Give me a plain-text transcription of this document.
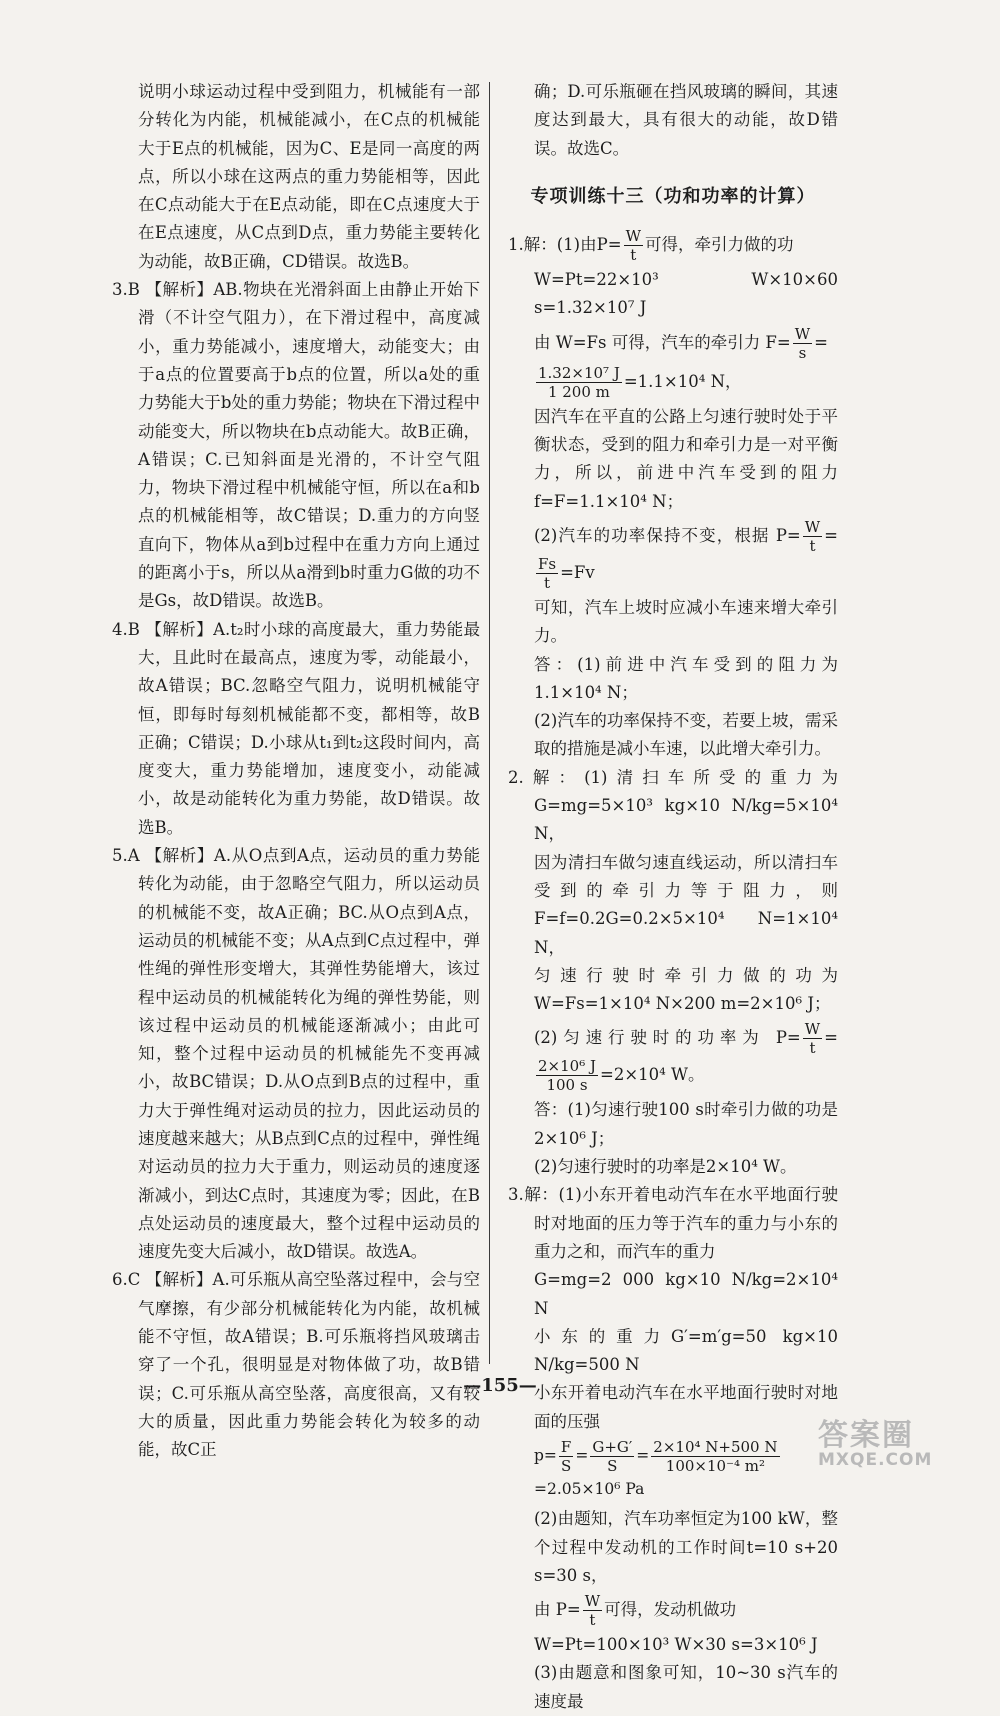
说明小球运动过程中受到阻力，机械能有一部分转化为内能，机械能减小，在C点的机械能大于E点的机械能，因为C、E是同一高度的两点，所以小球在这两点的重力势能相等，因此在C点动能大于在E点动能，即在C点速度大于在E点速度，从C点到D点，重力势能主要转化为动能，故B正确，CD错误。故选B。

3.B 【解析】AB.物块在光滑斜面上由静止开始下滑（不计空气阻力），在下滑过程中，高度减小，重力势能减小，速度增大，动能变大；由于a点的位置要高于b点的位置，所以a处的重力势能大于b处的重力势能；物块在下滑过程中动能变大，所以物块在b点动能大。故B正确，A错误；C.已知斜面是光滑的，不计空气阻力，物块下滑过程中机械能守恒，所以在a和b点的机械能相等，故C错误；D.重力的方向竖直向下，物体从a到b过程中在重力方向上通过的距离小于s，所以从a滑到b时重力G做的功不是Gs，故D错误。故选B。

4.B 【解析】A.t₂时小球的高度最大，重力势能最大，且此时在最高点，速度为零，动能最小，故A错误；BC.忽略空气阻力，说明机械能守恒，即每时每刻机械能都不变，都相等，故B正确；C错误；D.小球从t₁到t₂这段时间内，高度变大，重力势能增加，速度变小，动能减小，故是动能转化为重力势能，故D错误。故选B。

5.A 【解析】A.从O点到A点，运动员的重力势能转化为动能，由于忽略空气阻力，所以运动员的机械能不变，故A正确；BC.从O点到A点，运动员的机械能不变；从A点到C点过程中，弹性绳的弹性形变增大，其弹性势能增大，该过程中运动员的机械能转化为绳的弹性势能，则该过程中运动员的机械能逐渐减小；由此可知，整个过程中运动员的机械能先不变再减小，故BC错误；D.从O点到B点的过程中，重力大于弹性绳对运动员的拉力，因此运动员的速度越来越大；从B点到C点的过程中，弹性绳对运动员的拉力大于重力，则运动员的速度逐渐减小，到达C点时，其速度为零；因此，在B点处运动员的速度最大，整个过程中运动员的速度先变大后减小，故D错误。故选A。

6.C 【解析】A.可乐瓶从高空坠落过程中，会与空气摩擦，有少部分机械能转化为内能，故机械能不守恒，故A错误；B.可乐瓶将挡风玻璃击穿了一个孔，很明显是对物体做了功，故B错误；C.可乐瓶从高空坠落，高度很高，又有较大的质量，因此重力势能会转化为较多的动能，故C正

确；D.可乐瓶砸在挡风玻璃的瞬间，其速度达到最大，具有很大的动能，故D错误。故选C。

专项训练十三（功和功率的计算）

1.解：(1)由$P= \frac{W}{t}$ 可得，牵引力做的功

W=Pt=22×10³ W×10×60 s=1.32×10⁷ J

由 W=Fs 可得，汽车的牵引力 $F= \frac{W}{s}$ =

$\frac{\text{1.32×10⁷ J}}{1 200 m} =1.1\times 10^4$ N，

因汽车在平直的公路上匀速行驶时处于平衡状态，受到的阻力和牵引力是一对平衡力，所以，前进中汽车受到的阻力f=F=1.1×10⁴ N；

(2)汽车的功率保持不变，根据 $P= \frac{W}{t}$ =
$\frac{Fs}{t} =Fv$

可知，汽车上坡时应减小车速来增大牵引力。

答：(1)前进中汽车受到的阻力为1.1×10⁴ N；

(2)汽车的功率保持不变，若要上坡，需采取的措施是减小车速，以此增大牵引力。

2.解：(1)清扫车所受的重力为G=mg=5×10³ kg×10 N/kg=5×10⁴ N，

因为清扫车做匀速直线运动，所以清扫车受到的牵引力等于阻力，则F=f=0.2G=0.2×5×10⁴ N=1×10⁴ N，

匀速行驶时牵引力做的功为W=Fs=1×10⁴ N×200 m=2×10⁶ J；

(2)匀速行驶时的功率为 $P= \frac{W}{t}$ =
$\frac{\text{2×10⁶ J}}{100 s} =2\times 10^4$ W。

答：(1)匀速行驶100 s时牵引力做的功是2×10⁶ J；

(2)匀速行驶时的功率是2×10⁴ W。

3.解：(1)小东开着电动汽车在水平地面行驶时对地面的压力等于汽车的重力与小东的重力之和，而汽车的重力

G=mg=2 000 kg×10 N/kg=2×10⁴ N

小东的重力G′=m′g=50 kg×10 N/kg=500 N

小东开着电动汽车在水平地面行驶时对地面的压强

$p= \frac{F}{S} = \frac{G+G'}{S} = \frac{\text{2×10⁴ N+500 N}}{\text{100×10⁻⁴ m²}}$
=2.05×10⁶ Pa

(2)由题知，汽车功率恒定为100 kW，整个过程中发动机的工作时间t=10 s+20 s=30 s，

由 $P= \frac{W}{t}$ 可得，发动机做功

W=Pt=100×10³ W×30 s=3×10⁶ J

(3)由题意和图象可知，10~30 s汽车的速度最

—155—
答案圈
MXQE.COM
